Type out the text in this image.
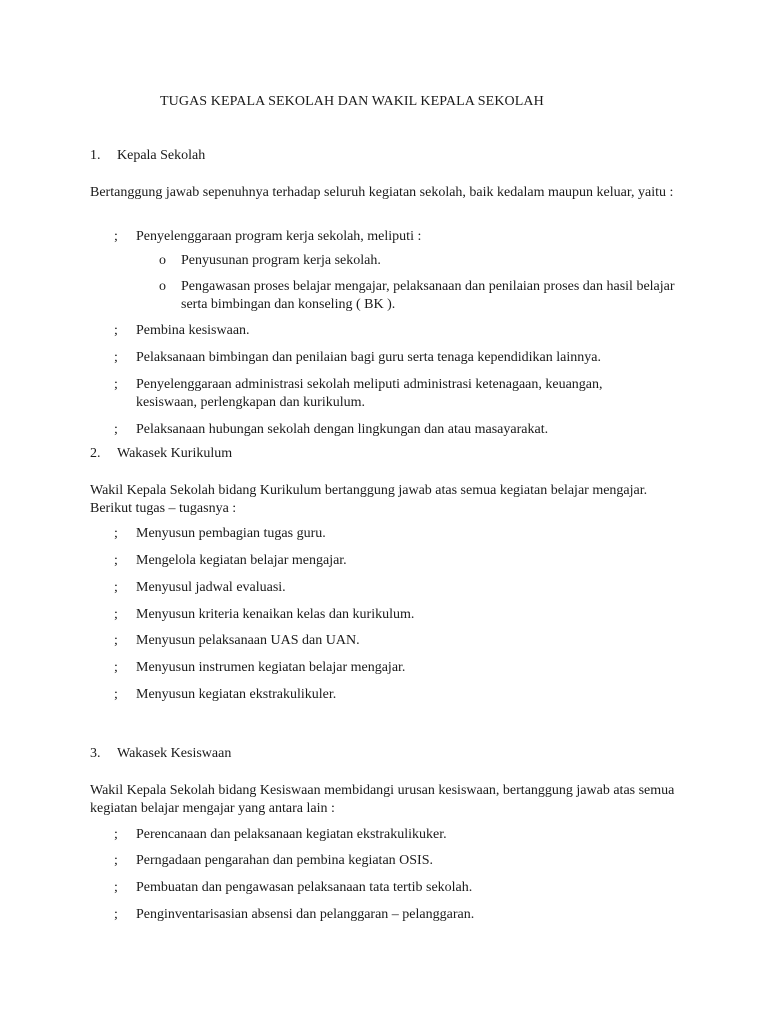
TUGAS KEPALA SEKOLAH DAN WAKIL KEPALA SEKOLAH
1. Kepala Sekolah
Bertanggung jawab sepenuhnya terhadap seluruh kegiatan sekolah, baik kedalam maupun keluar, yaitu :
; Penyelenggaraan program kerja sekolah, meliputi :
o Penyusunan program kerja sekolah.
o Pengawasan proses belajar mengajar, pelaksanaan dan penilaian proses dan hasil belajar serta bimbingan dan konseling ( BK ).
; Pembina kesiswaan.
; Pelaksanaan bimbingan dan penilaian bagi guru serta tenaga kependidikan lainnya.
; Penyelenggaraan administrasi sekolah meliputi administrasi ketenagaan, keuangan, kesiswaan, perlengkapan dan kurikulum.
; Pelaksanaan hubungan sekolah dengan lingkungan dan atau masayarakat.
2. Wakasek Kurikulum
Wakil Kepala Sekolah bidang Kurikulum bertanggung jawab atas semua kegiatan belajar mengajar. Berikut tugas – tugasnya :
; Menyusun pembagian tugas guru.
; Mengelola kegiatan belajar mengajar.
; Menyusul jadwal evaluasi.
; Menyusun kriteria kenaikan kelas dan kurikulum.
; Menyusun pelaksanaan UAS dan UAN.
; Menyusun instrumen kegiatan belajar mengajar.
; Menyusun kegiatan ekstrakulikuler.
3. Wakasek Kesiswaan
Wakil Kepala Sekolah bidang Kesiswaan membidangi urusan kesiswaan, bertanggung jawab atas semua kegiatan belajar mengajar yang antara lain :
; Perencanaan dan pelaksanaan kegiatan ekstrakulikuker.
; Perngadaan pengarahan dan pembina kegiatan OSIS.
; Pembuatan dan pengawasan pelaksanaan tata tertib sekolah.
; Penginventarisasian absensi dan pelanggaran – pelanggaran.
